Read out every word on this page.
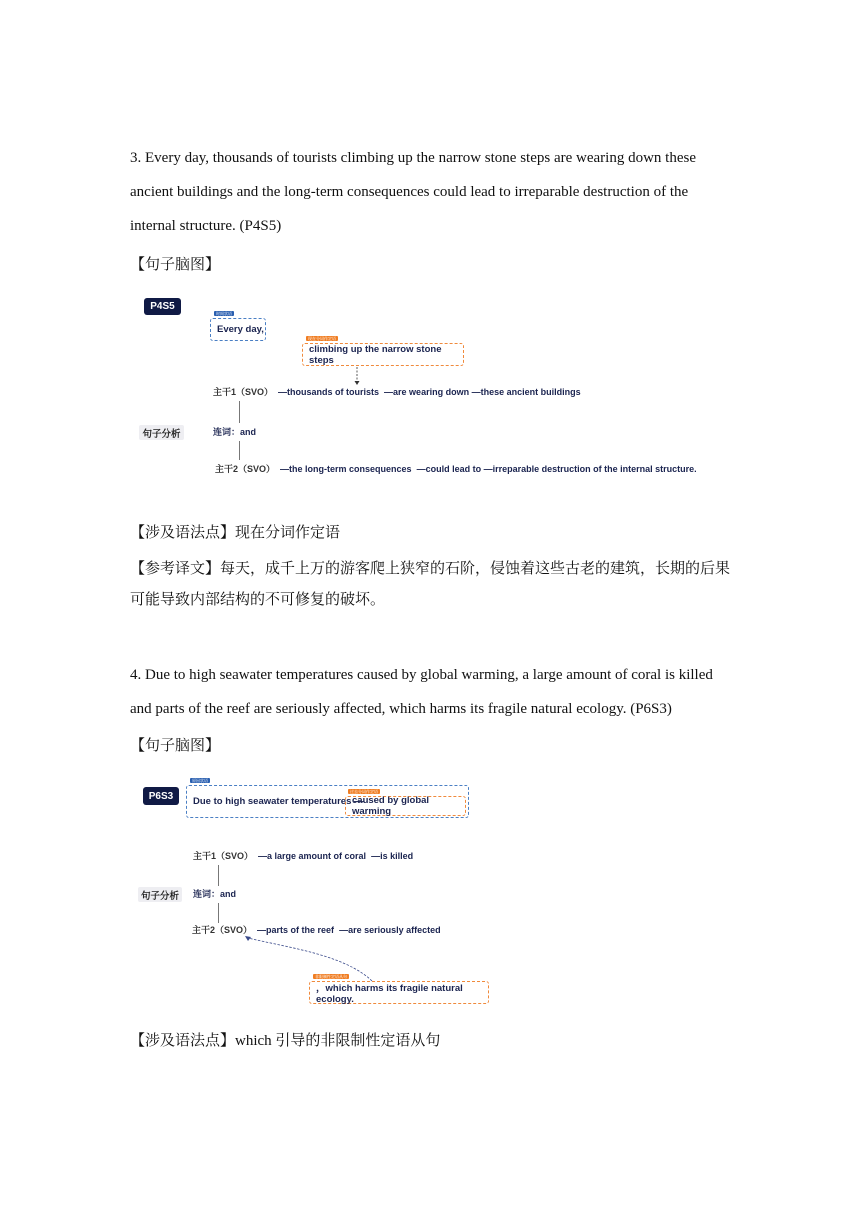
3. Every day, thousands of tourists climbing up the narrow stone steps are wearing down these ancient buildings and the long-term consequences could lead to irreparable destruction of the internal structure. (P4S5)

【句子脑图】

P4S5
时间状语
Every day,
现在分词作定语
climbing up the narrow stone steps
主干1（SVO） —thousands of tourists —are wearing down —these ancient buildings
句子分析	连词：and
主干2（SVO） —the long-term consequences —could lead to —irreparable destruction of the internal structure.

【涉及语法点】现在分词作定语

【参考译文】每天，成千上万的游客爬上狭窄的石阶，侵蚀着这些古老的建筑，长期的后果可能导致内部结构的不可修复的破坏。

4. Due to high seawater temperatures caused by global warming, a large amount of coral is killed and parts of the reef are seriously affected, which harms its fragile natural ecology. (P6S3)

【句子脑图】

P6S3
原因状语
Due to high seawater temperatures —
过去分词作定语
caused by global warming
主干1（SVO） —a large amount of coral —is killed
句子分析	连词：and
主干2（SVO） —parts of the reef —are seriously affected
非限制性定语从句
，which harms its fragile natural ecology.

【涉及语法点】which 引导的非限制性定语从句
